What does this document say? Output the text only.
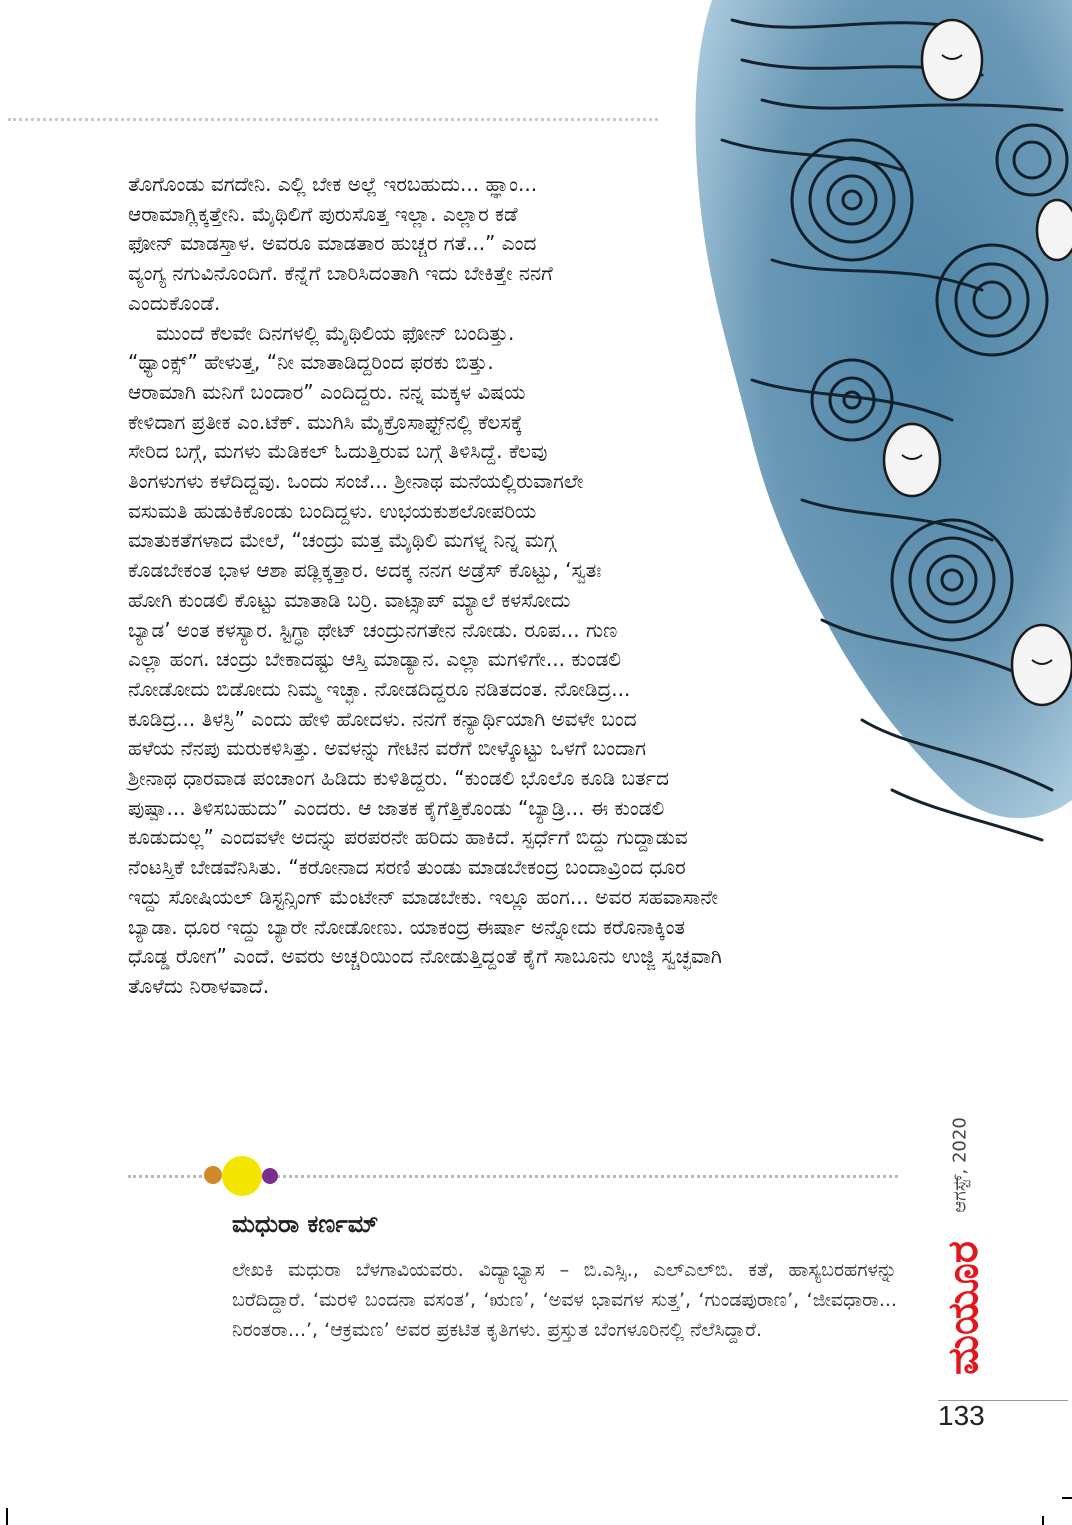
ತೊಗೊಂಡು ವಗದೇನಿ. ಎಲ್ಲಿ ಬೇಕ ಅಲ್ಲೆ ಇರಬಹುದು... ಹ್ಞಾಂ...
ಆರಾಮಾಗ್ಲಿಕ್ಕತ್ತೇನಿ. ಮೈಥಿಲಿಗೆ ಪುರುಸೊತ್ತ ಇಲ್ಲಾ. ಎಲ್ಲಾರ ಕಡೆ
ಫೋನ್ ಮಾಡಸ್ತಾಳ. ಅವರೂ ಮಾಡತಾರ ಹುಚ್ಚರ ಗತೆ...” ಎಂದ
ವ್ಯಂಗ್ಯ ನಗುವಿನೊಂದಿಗೆ. ಕೆನ್ನೆಗೆ ಬಾರಿಸಿದಂತಾಗಿ ಇದು ಬೇಕಿತ್ತೇ ನನಗೆ
ಎಂದುಕೊಂಡೆ.

ಮುಂದೆ ಕೆಲವೇ ದಿನಗಳಲ್ಲಿ ಮೈಥಿಲಿಯ ಫೋನ್ ಬಂದಿತ್ತು.
“ಥ್ಯಾಂಕ್ಸ್” ಹೇಳುತ್ತ, “ನೀ ಮಾತಾಡಿದ್ದರಿಂದ ಫರಕು ಬಿತ್ತು.
ಆರಾಮಾಗಿ ಮನಿಗೆ ಬಂದಾರ” ಎಂದಿದ್ದರು. ನನ್ನ ಮಕ್ಕಳ ವಿಷಯ
ಕೇಳಿದಾಗ ಪ್ರತೀಕ ಎಂ.ಟೆಕ್. ಮುಗಿಸಿ ಮೈಕ್ರೊಸಾಫ್ಟ್‌ನಲ್ಲಿ ಕೆಲಸಕ್ಕೆ
ಸೇರಿದ ಬಗ್ಗೆ, ಮಗಳು ಮೆಡಿಕಲ್ ಓದುತ್ತಿರುವ ಬಗ್ಗೆ ತಿಳಿಸಿದ್ದೆ. ಕೆಲವು
ತಿಂಗಳುಗಳು ಕಳೆದಿದ್ದವು. ಒಂದು ಸಂಜೆ... ಶ್ರೀನಾಥ ಮನೆಯಲ್ಲಿರುವಾಗಲೇ
ವಸುಮತಿ ಹುಡುಕಿಕೊಂಡು ಬಂದಿದ್ದಳು. ಉಭಯಕುಶಲೋಪರಿಯ
ಮಾತುಕತೆಗಳಾದ ಮೇಲೆ, “ಚಂದ್ರು ಮತ್ತ ಮೈಥಿಲಿ ಮಗಳ್ನ ನಿನ್ನ ಮಗ್ಗ
ಕೊಡಬೇಕಂತ ಭಾಳ ಆಶಾ ಪಡ್ಲಿಕ್ಕತ್ತಾರ. ಅದಕ್ಕ ನನಗ ಅಡ್ರೆಸ್ ಕೊಟ್ಟು, ‘ಸ್ವತಃ
ಹೋಗಿ ಕುಂಡಲಿ ಕೊಟ್ಟು ಮಾತಾಡಿ ಬರ್ರಿ. ವಾಟ್ಸಾಪ್ ಮ್ಯಾಲೆ ಕಳಸೋದು
ಬ್ಯಾಡ’ ಅಂತ ಕಳಸ್ಯಾರ. ಸ್ಟಿಗ್ಧಾ ಥೇಟ್ ಚಂದ್ರುನಗತೇನ ನೋಡು. ರೂಪ... ಗುಣ
ಎಲ್ಲಾ ಹಂಗ. ಚಂದ್ರು ಬೇಕಾದಷ್ಟು ಆಸ್ತಿ ಮಾಡ್ಯಾನ. ಎಲ್ಲಾ ಮಗಳಿಗೇ... ಕುಂಡಲಿ
ನೋಡೋದು ಬಿಡೋದು ನಿಮ್ಮ ಇಚ್ಛಾ. ನೋಡದಿದ್ದರೂ ನಡಿತದಂತ. ನೋಡಿದ್ರ...
ಕೂಡಿದ್ರ... ತಿಳಸ್ರಿ” ಎಂದು ಹೇಳಿ ಹೋದಳು. ನನಗೆ ಕನ್ಯಾರ್ಥಿಯಾಗಿ ಅವಳೇ ಬಂದ
ಹಳೆಯ ನೆನಪು ಮರುಕಳಿಸಿತ್ತು. ಅವಳನ್ನು ಗೇಟಿನ ವರೆಗೆ ಬೀಳ್ಕೊಟ್ಟು ಒಳಗೆ ಬಂದಾಗ
ಶ್ರೀನಾಥ ಧಾರವಾಡ ಪಂಚಾಂಗ ಹಿಡಿದು ಕುಳಿತಿದ್ದರು. “ಕುಂಡಲಿ ಭೊಲೊ ಕೂಡಿ ಬರ್ತದ
ಪುಷ್ಪಾ... ತಿಳಿಸಬಹುದು” ಎಂದರು. ಆ ಜಾತಕ ಕೈಗೆತ್ತಿಕೊಂಡು “ಬ್ಯಾಡ್ರಿ... ಈ ಕುಂಡಲಿ
ಕೂಡುದುಲ್ಲ” ಎಂದವಳೇ ಅದನ್ನು ಪರಪರನೇ ಹರಿದು ಹಾಕಿದೆ. ಸ್ಪರ್ಧೆಗೆ ಬಿದ್ದು ಗುದ್ದಾಡುವ
ನೆಂಟಸ್ತಿಕೆ ಬೇಡವೆನಿಸಿತು. “ಕರೋನಾದ ಸರಣಿ ತುಂಡು ಮಾಡಬೇಕಂದ್ರ ಬಂದಾವ್ರಿಂದ ಧೂರ
ಇದ್ದು ಸೋಷಿಯಲ್ ಡಿಸ್ಟನ್ಸಿಂಗ್ ಮೆಂಟೇನ್ ಮಾಡಬೇಕು. ಇಲ್ಲೂ ಹಂಗ... ಅವರ ಸಹವಾಸಾನೇ
ಬ್ಯಾಡಾ. ಧೂರ ಇದ್ದು ಬ್ಯಾರೇ ನೋಡೋಣು. ಯಾಕಂದ್ರ ಈರ್ಷಾ ಅನ್ನೋದು ಕರೊನಾಕ್ಕಿಂತ
ಧೊಡ್ಡ ರೋಗ” ಎಂದೆ. ಅವರು ಅಚ್ಚರಿಯಿಂದ ನೋಡುತ್ತಿದ್ದಂತೆ ಕೈಗೆ ಸಾಬೂನು ಉಜ್ಜಿ ಸ್ವಚ್ಛವಾಗಿ
ತೊಳೆದು ನಿರಾಳವಾದೆ.

ಮಧುರಾ ಕರ್ಣಮ್
ಲೇಖಕಿ ಮಧುರಾ ಬೆಳಗಾವಿಯವರು. ವಿದ್ಯಾಭ್ಯಾಸ – ಬಿ.ಎಸ್ಸಿ., ಎಲ್‌ಎಲ್‌ಬಿ. ಕತೆ, ಹಾಸ್ಯಬರಹಗಳನ್ನು ಬರೆದಿದ್ದಾರೆ. ‘ಮರಳಿ ಬಂದನಾ ವಸಂತ’, ‘ಋಣ’, ‘ಅವಳ ಭಾವಗಳ ಸುತ್ತ’, ‘ಗುಂಡಪುರಾಣ’, ‘ಜೀವಧಾರಾ... ನಿರಂತರಾ...’, ‘ಆಕ್ರಮಣ’ ಅವರ ಪ್ರಕಟಿತ ಕೃತಿಗಳು. ಪ್ರಸ್ತುತ ಬೆಂಗಳೂರಿನಲ್ಲಿ ನೆಲೆಸಿದ್ದಾರೆ.
ಆಗಸ್ಟ್, 2020
ಮಯೂರ
133
